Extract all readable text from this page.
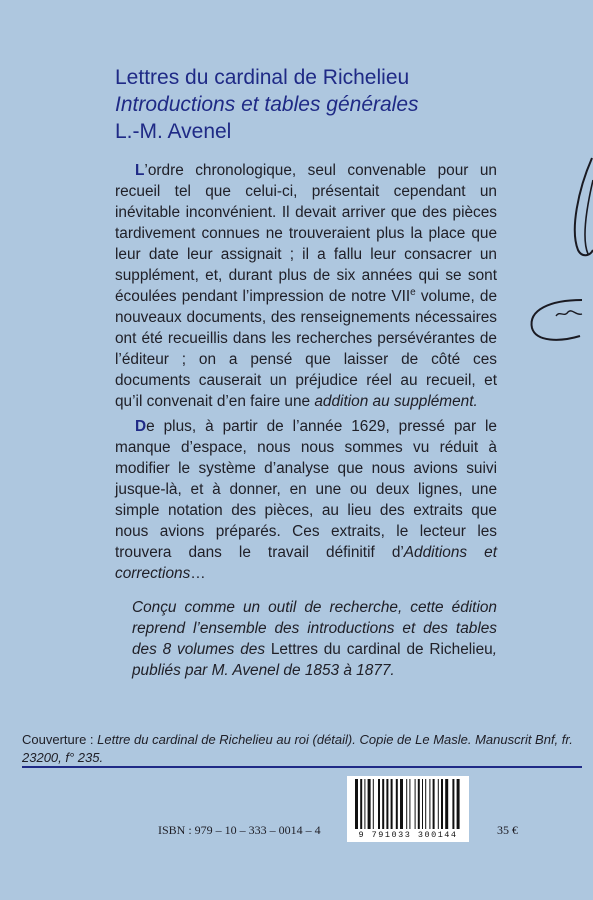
Lettres du cardinal de Richelieu
Introductions et tables générales
L.-M. Avenel

L’ordre chronologique, seul convenable pour un recueil tel que celui-ci, présentait cependant un inévitable inconvénient. Il devait arriver que des pièces tardivement connues ne trouveraient plus la place que leur date leur assignait ; il a fallu leur consacrer un supplément, et, durant plus de six années qui se sont écoulées pendant l’impression de notre VIIe volume, de nouveaux documents, des renseignements nécessaires ont été recueillis dans les recherches persévérantes de l’éditeur ; on a pensé que laisser de côté ces documents causerait un préjudice réel au recueil, et qu’il convenait d’en faire une addition au supplément.

De plus, à partir de l’année 1629, pressé par le manque d’espace, nous nous sommes vu réduit à modifier le système d’analyse que nous avions suivi jusque-là, et à donner, en une ou deux lignes, une simple notation des pièces, au lieu des extraits que nous avions préparés. Ces extraits, le lecteur les trouvera dans le travail définitif d’Additions et corrections…

Conçu comme un outil de recherche, cette édition reprend l’ensemble des introductions et des tables des 8 volumes des Lettres du cardinal de Richelieu, publiés par M. Avenel de 1853 à 1877.
Couverture : Lettre du cardinal de Richelieu au roi (détail). Copie de Le Masle. Manuscrit Bnf, fr. 23200, f° 235.
ISBN : 979 – 10 – 333 – 0014 – 4	9 791033 300144	35 €
